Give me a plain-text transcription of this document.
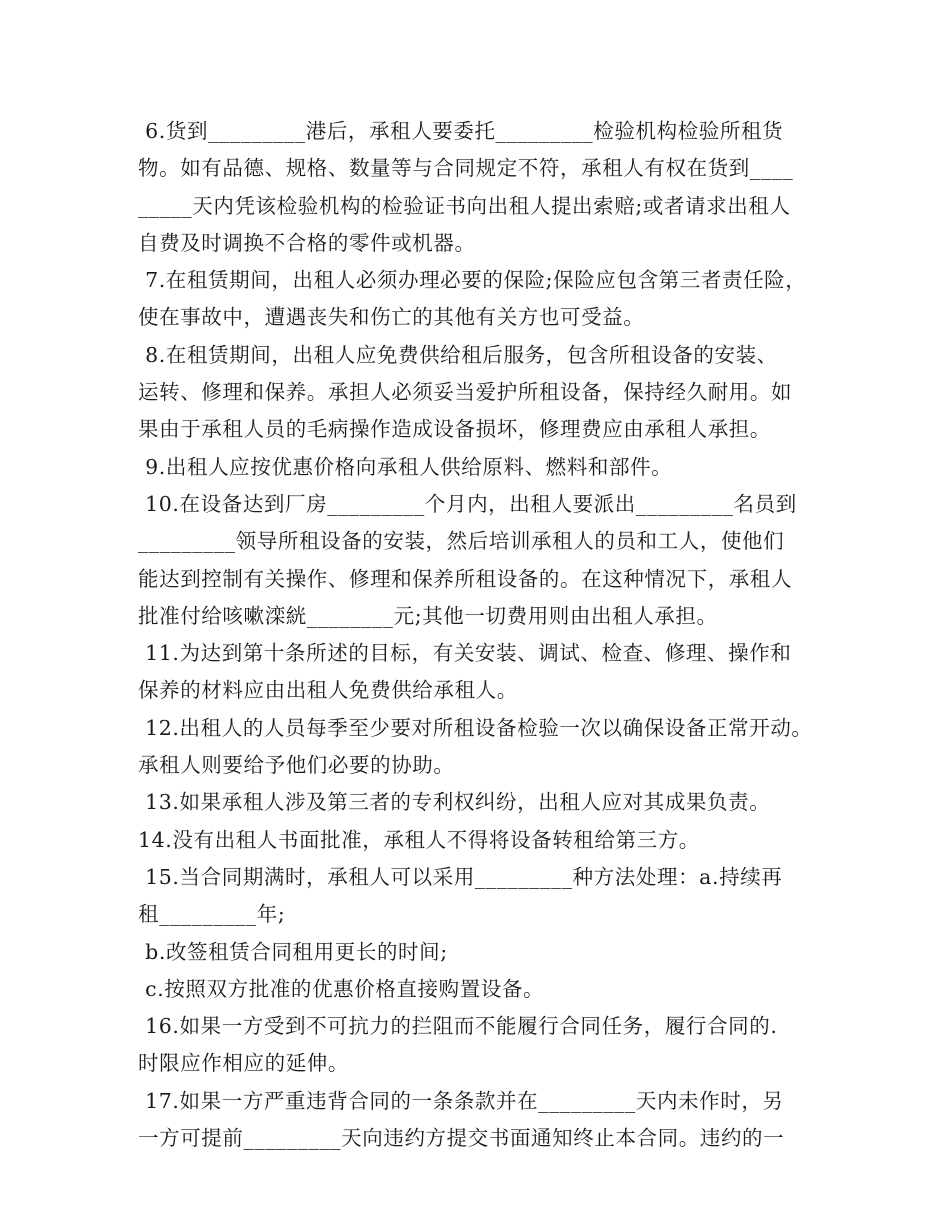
6.货到_________港后，承租人要委托_________检验机构检验所租货
物。如有品德、规格、数量等与合同规定不符，承租人有权在货到____
_____天内凭该检验机构的检验证书向出租人提出索赔;或者请求出租人
自费及时调换不合格的零件或机器。
7.在租赁期间，出租人必须办理必要的保险;保险应包含第三者责任险，
使在事故中，遭遇丧失和伤亡的其他有关方也可受益。
8.在租赁期间，出租人应免费供给租后服务，包含所租设备的安装、
运转、修理和保养。承担人必须妥当爱护所租设备，保持经久耐用。如
果由于承租人员的毛病操作造成设备损坏，修理费应由承租人承担。
9.出租人应按优惠价格向承租人供给原料、燃料和部件。
10.在设备达到厂房_________个月内，出租人要派出_________名员到
_________领导所租设备的安装，然后培训承租人的员和工人，使他们
能达到控制有关操作、修理和保养所租设备的。在这种情况下，承租人
批准付给咳嗽滦絖________元;其他一切费用则由出租人承担。
11.为达到第十条所述的目标，有关安装、调试、检查、修理、操作和
保养的材料应由出租人免费供给承租人。
12.出租人的人员每季至少要对所租设备检验一次以确保设备正常开动。
承租人则要给予他们必要的协助。
13.如果承租人涉及第三者的专利权纠纷，出租人应对其成果负责。
14.没有出租人书面批准，承租人不得将设备转租给第三方。
15.当合同期满时，承租人可以采用_________种方法处理：a.持续再
租_________年;
b.改签租赁合同租用更长的时间;
c.按照双方批准的优惠价格直接购置设备。
16.如果一方受到不可抗力的拦阻而不能履行合同任务，履行合同的.
时限应作相应的延伸。
17.如果一方严重违背合同的一条条款并在_________天内未作时，另
一方可提前_________天向违约方提交书面通知终止本合同。违约的一
